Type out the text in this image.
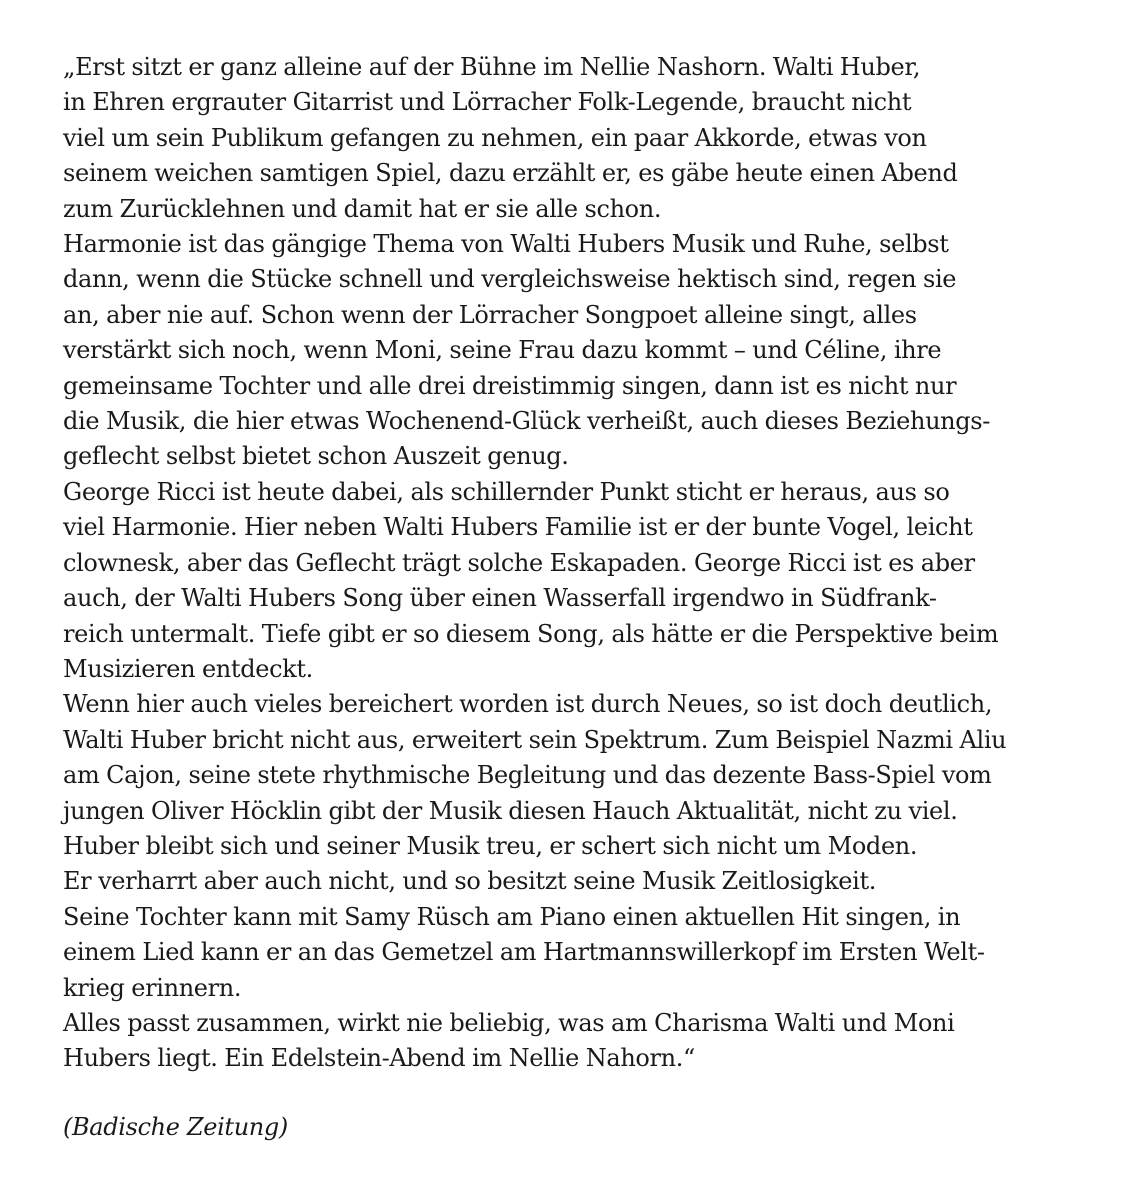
„Erst sitzt er ganz alleine auf der Bühne im Nellie Nashorn. Walti Huber,
in Ehren ergrauter Gitarrist und Lörracher Folk-Legende, braucht nicht
viel um sein Publikum gefangen zu nehmen, ein paar Akkorde, etwas von
seinem weichen samtigen Spiel, dazu erzählt er, es gäbe heute einen Abend
zum Zurücklehnen und damit hat er sie alle schon.
Harmonie ist das gängige Thema von Walti Hubers Musik und Ruhe, selbst
dann, wenn die Stücke schnell und vergleichsweise hektisch sind, regen sie
an, aber nie auf. Schon wenn der Lörracher Songpoet alleine singt, alles
verstärkt sich noch, wenn Moni, seine Frau dazu kommt – und Céline, ihre
gemeinsame Tochter und alle drei dreistimmig singen, dann ist es nicht nur
die Musik, die hier etwas Wochenend-Glück verheißt, auch dieses Beziehungs-
geflecht selbst bietet schon Auszeit genug.
George Ricci ist heute dabei, als schillernder Punkt sticht er heraus, aus so
viel Harmonie. Hier neben Walti Hubers Familie ist er der bunte Vogel, leicht
clownesk, aber das Geflecht trägt solche Eskapaden. George Ricci ist es aber
auch, der Walti Hubers Song über einen Wasserfall irgendwo in Südfrank-
reich untermalt. Tiefe gibt er so diesem Song, als hätte er die Perspektive beim
Musizieren entdeckt.
Wenn hier auch vieles bereichert worden ist durch Neues, so ist doch deutlich,
Walti Huber bricht nicht aus, erweitert sein Spektrum. Zum Beispiel Nazmi Aliu
am Cajon, seine stete rhythmische Begleitung und das dezente Bass-Spiel vom
jungen Oliver Höcklin gibt der Musik diesen Hauch Aktualität, nicht zu viel.
Huber bleibt sich und seiner Musik treu, er schert sich nicht um Moden.
Er verharrt aber auch nicht, und so besitzt seine Musik Zeitlosigkeit.
Seine Tochter kann mit Samy Rüsch am Piano einen aktuellen Hit singen, in
einem Lied kann er an das Gemetzel am Hartmannswillerkopf im Ersten Welt-
krieg erinnern.
Alles passt zusammen, wirkt nie beliebig, was am Charisma Walti und Moni
Hubers liegt. Ein Edelstein-Abend im Nellie Nahorn.“
(Badische Zeitung)
